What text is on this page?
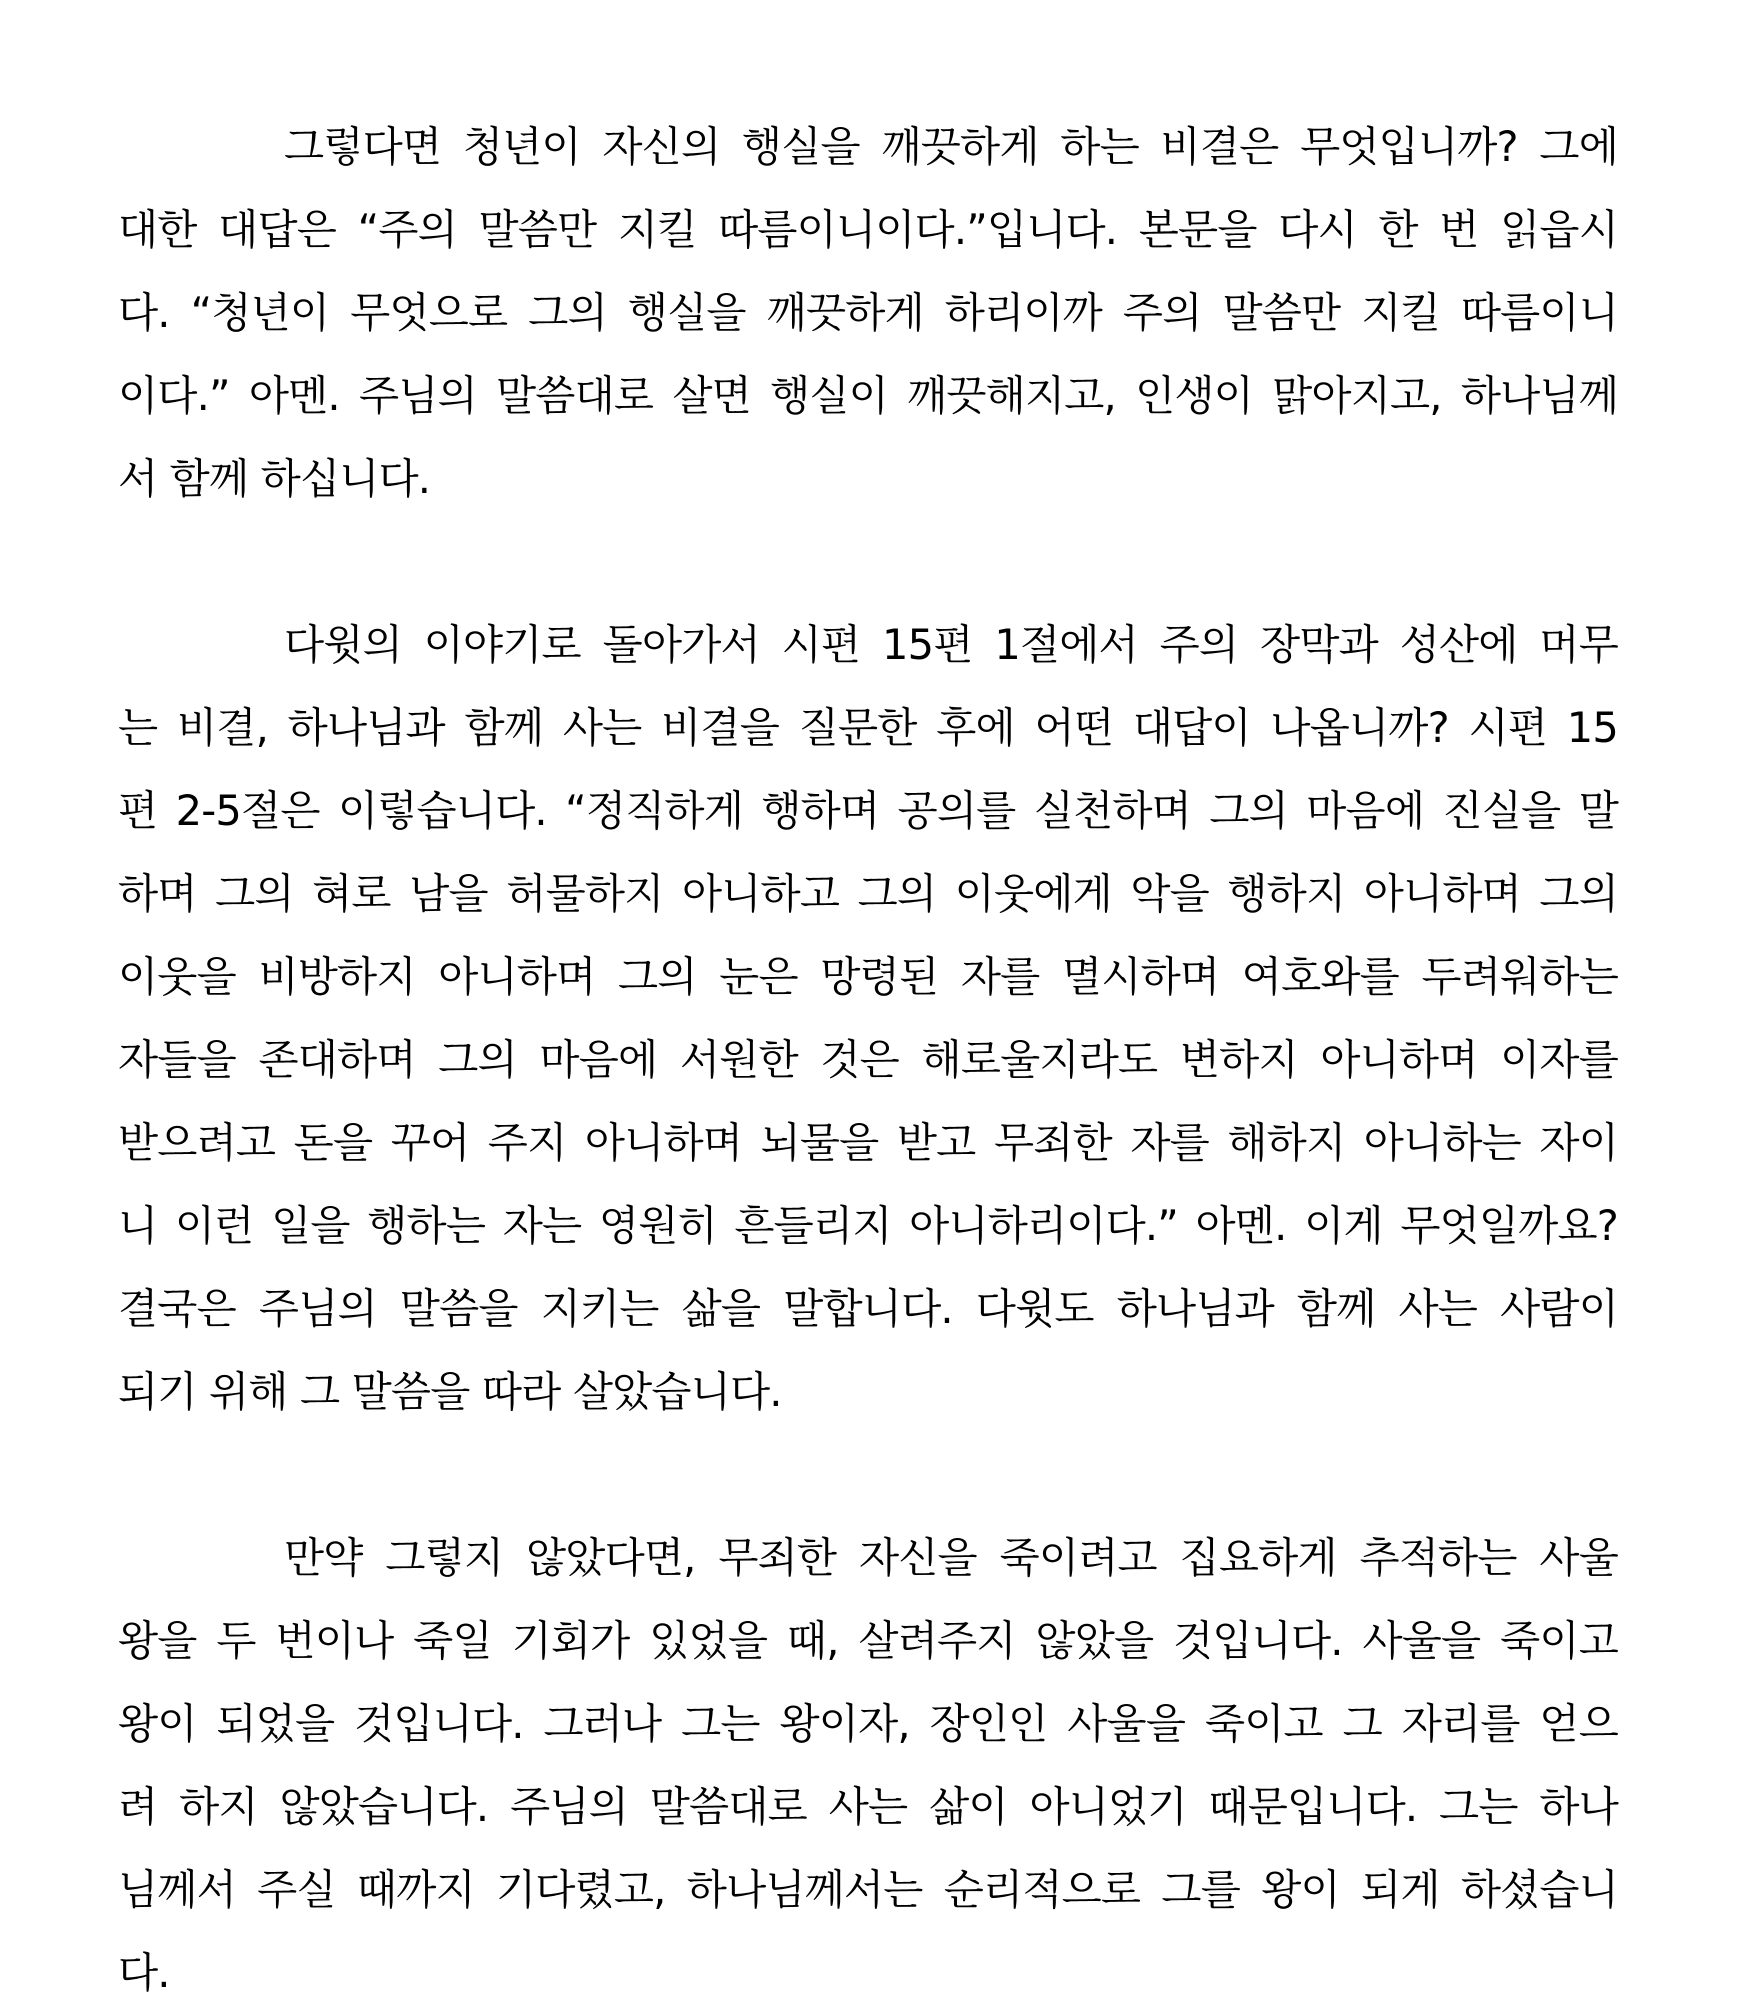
그렇다면 청년이 자신의 행실을 깨끗하게 하는 비결은 무엇입니까? 그에
대한 대답은 “주의 말씀만 지킬 따름이니이다.”입니다. 본문을 다시 한 번 읽읍시
다. “청년이 무엇으로 그의 행실을 깨끗하게 하리이까 주의 말씀만 지킬 따름이니
이다.” 아멘. 주님의 말씀대로 살면 행실이 깨끗해지고, 인생이 맑아지고, 하나님께
서 함께 하십니다.
다윗의 이야기로 돌아가서 시편 15편 1절에서 주의 장막과 성산에 머무
는 비결, 하나님과 함께 사는 비결을 질문한 후에 어떤 대답이 나옵니까? 시편 15
편 2-5절은 이렇습니다. “정직하게 행하며 공의를 실천하며 그의 마음에 진실을 말
하며 그의 혀로 남을 허물하지 아니하고 그의 이웃에게 악을 행하지 아니하며 그의
이웃을 비방하지 아니하며 그의 눈은 망령된 자를 멸시하며 여호와를 두려워하는
자들을 존대하며 그의 마음에 서원한 것은 해로울지라도 변하지 아니하며 이자를
받으려고 돈을 꾸어 주지 아니하며 뇌물을 받고 무죄한 자를 해하지 아니하는 자이
니 이런 일을 행하는 자는 영원히 흔들리지 아니하리이다.” 아멘. 이게 무엇일까요?
결국은 주님의 말씀을 지키는 삶을 말합니다. 다윗도 하나님과 함께 사는 사람이
되기 위해 그 말씀을 따라 살았습니다.
만약 그렇지 않았다면, 무죄한 자신을 죽이려고 집요하게 추적하는 사울
왕을 두 번이나 죽일 기회가 있었을 때, 살려주지 않았을 것입니다. 사울을 죽이고
왕이 되었을 것입니다. 그러나 그는 왕이자, 장인인 사울을 죽이고 그 자리를 얻으
려 하지 않았습니다. 주님의 말씀대로 사는 삶이 아니었기 때문입니다. 그는 하나
님께서 주실 때까지 기다렸고, 하나님께서는 순리적으로 그를 왕이 되게 하셨습니
다.
